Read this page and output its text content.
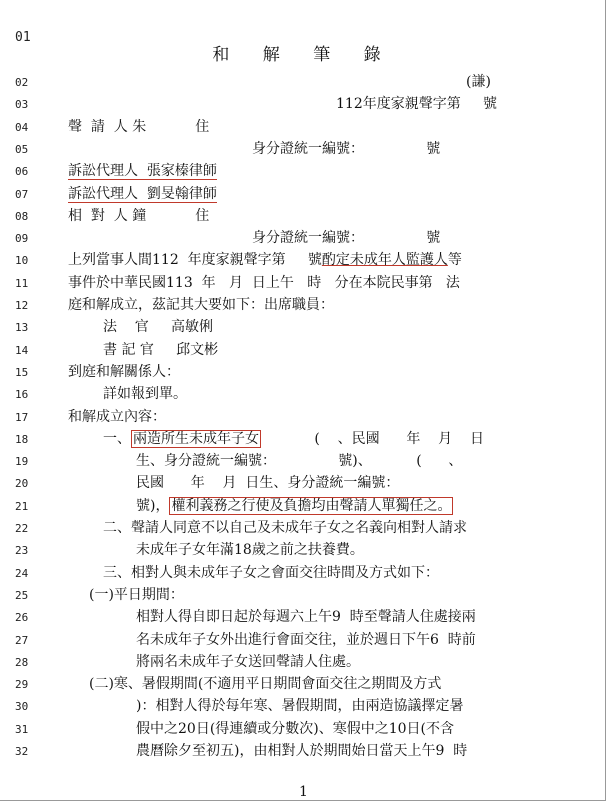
01
和 解 筆 錄
02	(謙)
03	112年度家親聲字第     號
04	聲  請  人 朱           住
05	身分證統一編號：              號
06	訴訟代理人  張家榛律師
07	訴訟代理人  劉旻翰律師
08	相  對  人 鐘           住
09	身分證統一編號：              號
10	上列當事人間112  年度家親聲字第     號酌定未成年人監護人等
11	事件於中華民國113  年   月  日上午   時   分在本院民事第   法
12	庭和解成立，茲記其大要如下：出席職員：
13	法    官     高敏俐
14	書 記 官     邱文彬
15	到庭和解關係人：
16	詳如報到單。
17	和解成立內容：
18	一、 兩造所生未成年子女            (    、民國      年    月    日
19	生、身分證統一編號：              號)、          (      、
20	民國      年    月  日生、身分證統一編號：
21	號)， 權利義務之行使及負擔均由聲請人單獨任之。
22	二、聲請人同意不以自己及未成年子女之名義向相對人請求
23	未成年子女年滿18歲之前之扶養費。
24	三、相對人與未成年子女之會面交往時間及方式如下：
25	(一)平日期間：
26	相對人得自即日起於每週六上午9  時至聲請人住處接兩
27	名未成年子女外出進行會面交往，並於週日下午6  時前
28	將兩名未成年子女送回聲請人住處。
29	(二)寒、暑假期間(不適用平日期間會面交往之期間及方式
30	)：相對人得於每年寒、暑假期間，由兩造協議擇定暑
31	假中之20日(得連續或分數次)、寒假中之10日(不含
32	農曆除夕至初五)，由相對人於期間始日當天上午9  時
1
